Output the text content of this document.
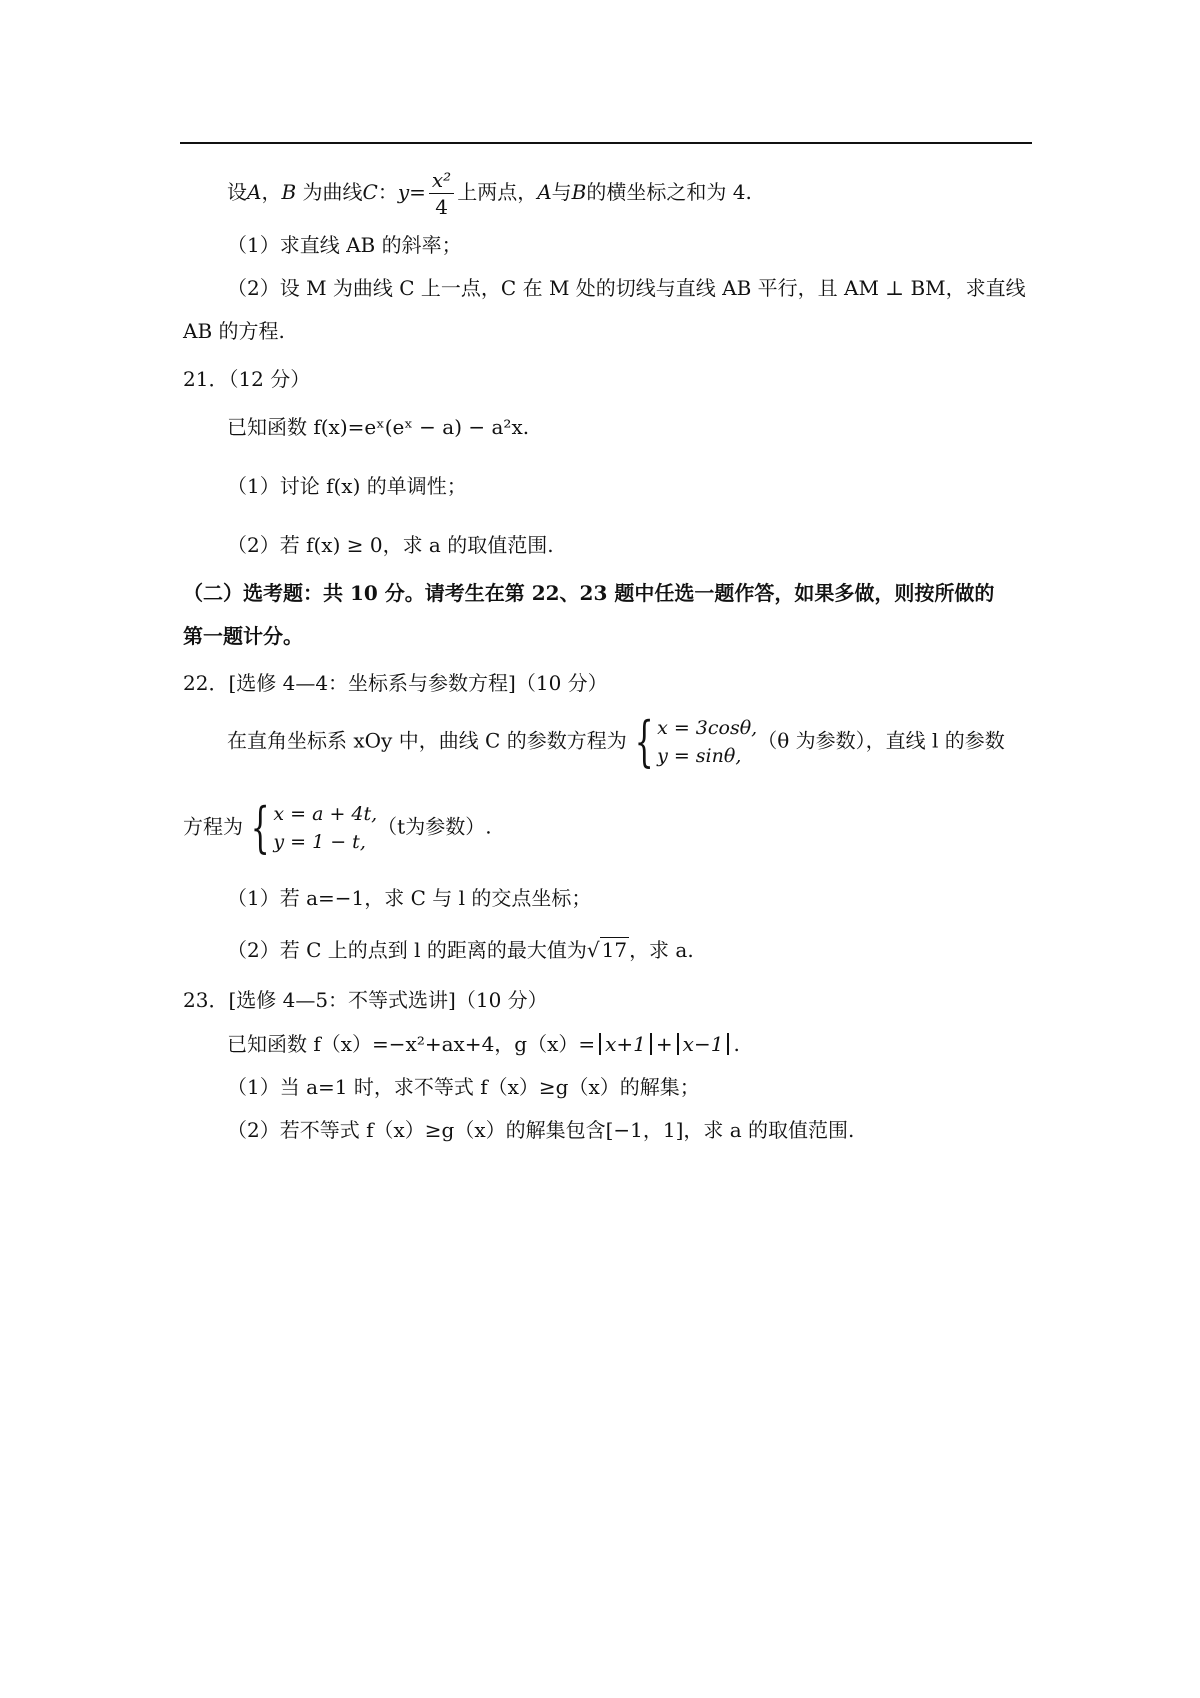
设A，B 为曲线C：$y= \frac{\text{x²}}{4}$ 上两点，A与B的横坐标之和为 4.
（1）求直线 AB 的斜率；
（2）设 M 为曲线 C 上一点，C 在 M 处的切线与直线 AB 平行，且 AM ⊥ BM，求直线
AB 的方程.
21．（12 分）
已知函数 f(x)=eˣ(eˣ − a) − a²x.
（1）讨论 f(x) 的单调性；
（2）若 f(x) ≥ 0，求 a 的取值范围.
（二）选考题：共 10 分。请考生在第 22、23 题中任选一题作答，如果多做，则按所做的
第一题计分。
22．[选修 4—4：坐标系与参数方程]（10 分）
在直角坐标系 xOy 中，曲线 C 的参数方程为 { x = 3cosθ,
y = sinθ,
（θ 为参数），直线 l 的参数
方程为 { x = a + 4t,
y = 1 − t,
（t为参数）.
（1）若 a=−1，求 C 与 l 的交点坐标；
（2）若 C 上的点到 l 的距离的最大值为√ 17 ，求 a.
23．[选修 4—5：不等式选讲]（10 分）
已知函数 f（x）=−x²+ax+4，g（x）= x+1 + x−1 .
（1）当 a=1 时，求不等式 f（x）≥g（x）的解集；
（2）若不等式 f（x）≥g（x）的解集包含[−1，1]，求 a 的取值范围.
